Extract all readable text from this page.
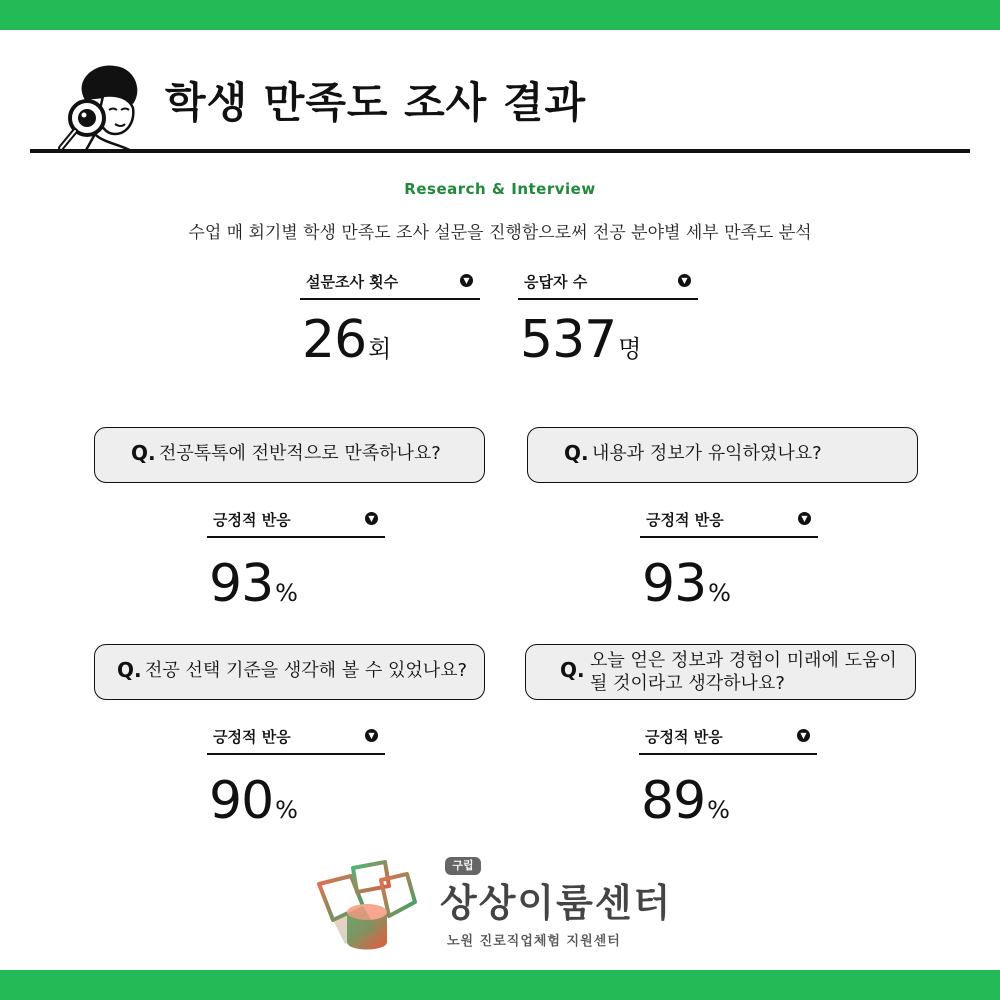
학생 만족도 조사 결과
Research & Interview
수업 매 회기별 학생 만족도 조사 설문을 진행함으로써 전공 분야별 세부 만족도 분석
설문조사 횟수	▼
26회
응답자 수	▼
537명
Q. 전공톡톡에 전반적으로 만족하나요?
긍정적 반응	▼
93%
Q. 내용과 정보가 유익하였나요?
긍정적 반응	▼
93%
Q. 전공 선택 기준을 생각해 볼 수 있었나요?
긍정적 반응	▼
90%
Q. 오늘 얻은 정보과 경험이 미래에 도움이
될 것이라고 생각하나요?
긍정적 반응	▼
89%
구립
상상이룸센터
노원 진로직업체험 지원센터
